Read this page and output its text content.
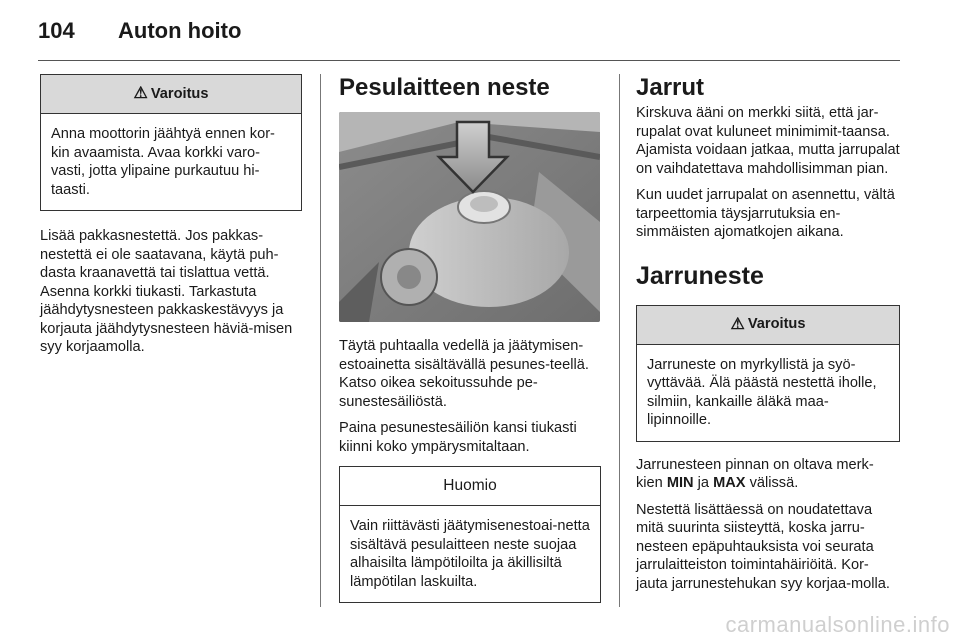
104 Auton hoito
⚠ Varoitus
Anna moottorin jäähtyä ennen kor-kin avaamista. Avaa korkki varo-vasti, jotta ylipaine purkautuu hi-taasti.

Lisää pakkasnestettä. Jos pakkas-nestettä ei ole saatavana, käytä puh-dasta kraanavettä tai tislattua vettä. Asenna korkki tiukasti. Tarkastuta jäähdytysnesteen pakkaskestävyys ja korjauta jäähdytysnesteen häviä-misen syy korjaamolla.

Pesulaitteen neste

Täytä puhtaalla vedellä ja jäätymisen-estoainetta sisältävällä pesunes-teellä. Katso oikea sekoitussuhde pe-sunestesäiliöstä.

Paina pesunestesäiliön kansi tiukasti kiinni koko ympärysmitaltaan.

Huomio
Vain riittävästi jäätymisenestoai-netta sisältävä pesulaitteen neste suojaa alhaisilta lämpötiloilta ja äkillisiltä lämpötilan laskuilta.
Jarrut

Kirskuva ääni on merkki siitä, että jar-rupalat ovat kuluneet minimimit-taansa. Ajamista voidaan jatkaa, mutta jarrupalat on vaihdatettava mahdollisimman pian.

Kun uudet jarrupalat on asennettu, vältä tarpeettomia täysjarrutuksia en-simmäisten ajomatkojen aikana.

Jarruneste
⚠ Varoitus
Jarruneste on myrkyllistä ja syö-vyttävää. Älä päästä nestettä iholle, silmiin, kankaille äläkä maa-lipinnoille.

Jarrunesteen pinnan on oltava merk-kien MIN ja MAX välissä.

Nestettä lisättäessä on noudatettava mitä suurinta siisteyttä, koska jarru-nesteen epäpuhtauksista voi seurata jarrulaitteiston toimintahäiriöitä. Kor-jauta jarrunestehukan syy korjaa-molla.

carmanualsonline.info
